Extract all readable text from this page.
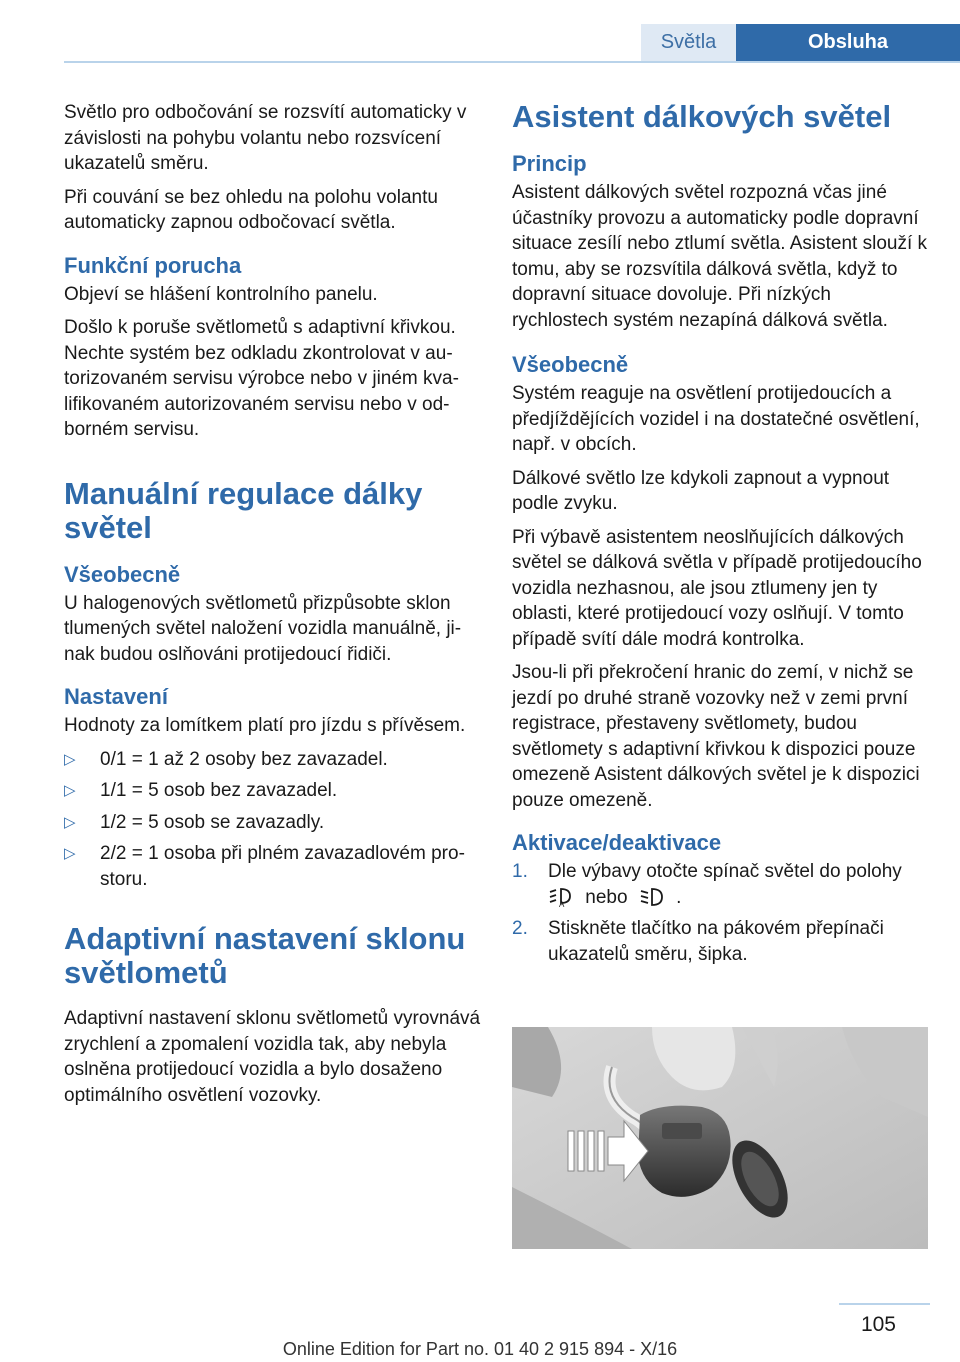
Světla	Obsluha

Světlo pro odbočování se rozsvítí automaticky v závislosti na pohybu volantu nebo rozsvícení ukazatelů směru.

Při couvání se bez ohledu na polohu volantu automaticky zapnou odbočovací světla.

Funkční porucha

Objeví se hlášení kontrolního panelu.

Došlo k poruše světlometů s adaptivní křivkou. Nechte systém bez odkladu zkontrolovat v autorizovaném servisu výrobce nebo v jiném kvalifikovaném autorizovaném servisu nebo v odborném servisu.

Manuální regulace dálky světel
Všeobecně

U halogenových světlometů přizpůsobte sklon tlumených světel naložení vozidla manuálně, jinak budou oslňováni protijedoucí řidiči.

Nastavení

Hodnoty za lomítkem platí pro jízdu s přívěsem.

▷ 0/1 = 1 až 2 osoby bez zavazadel.
▷ 1/1 = 5 osob bez zavazadel.
▷ 1/2 = 5 osob se zavazadly.
▷ 2/2 = 1 osoba při plném zavazadlovém prostoru.
Adaptivní nastavení sklonu světlometů

Adaptivní nastavení sklonu světlometů vyrovnává zrychlení a zpomalení vozidla tak, aby nebyla oslněna protijedoucí vozidla a bylo dosaženo optimálního osvětlení vozovky.

Asistent dálkových světel
Princip

Asistent dálkových světel rozpozná včas jiné účastníky provozu a automaticky podle dopravní situace zesílí nebo ztlumí světla. Asistent slouží k tomu, aby se rozsvítila dálková světla, když to dopravní situace dovoluje. Při nízkých rychlostech systém nezapíná dálková světla.

Všeobecně

Systém reaguje na osvětlení protijedoucích a předjíždějících vozidel i na dostatečné osvětlení, např. v obcích.

Dálkové světlo lze kdykoli zapnout a vypnout podle zvyku.

Při výbavě asistentem neoslňujících dálkových světel se dálková světla v případě protijedoucího vozidla nezhasnou, ale jsou ztlumeny jen ty oblasti, které protijedoucí vozy oslňují. V tomto případě svítí dále modrá kontrolka.

Jsou-li při překročení hranic do zemí, v nichž se jezdí po druhé straně vozovky než v zemi první registrace, přestaveny světlomety, budou světlomety s adaptivní křivkou k dispozici pouze omezeně Asistent dálkových světel je k dispozici pouze omezeně.

Aktivace/deaktivace
1. Dle výbavy otočte spínač světel do polohy

A nebo	.
2. Stiskněte tlačítko na pákovém přepínači ukazatelů směru, šipka.
105
Online Edition for Part no. 01 40 2 915 894 - X/16
